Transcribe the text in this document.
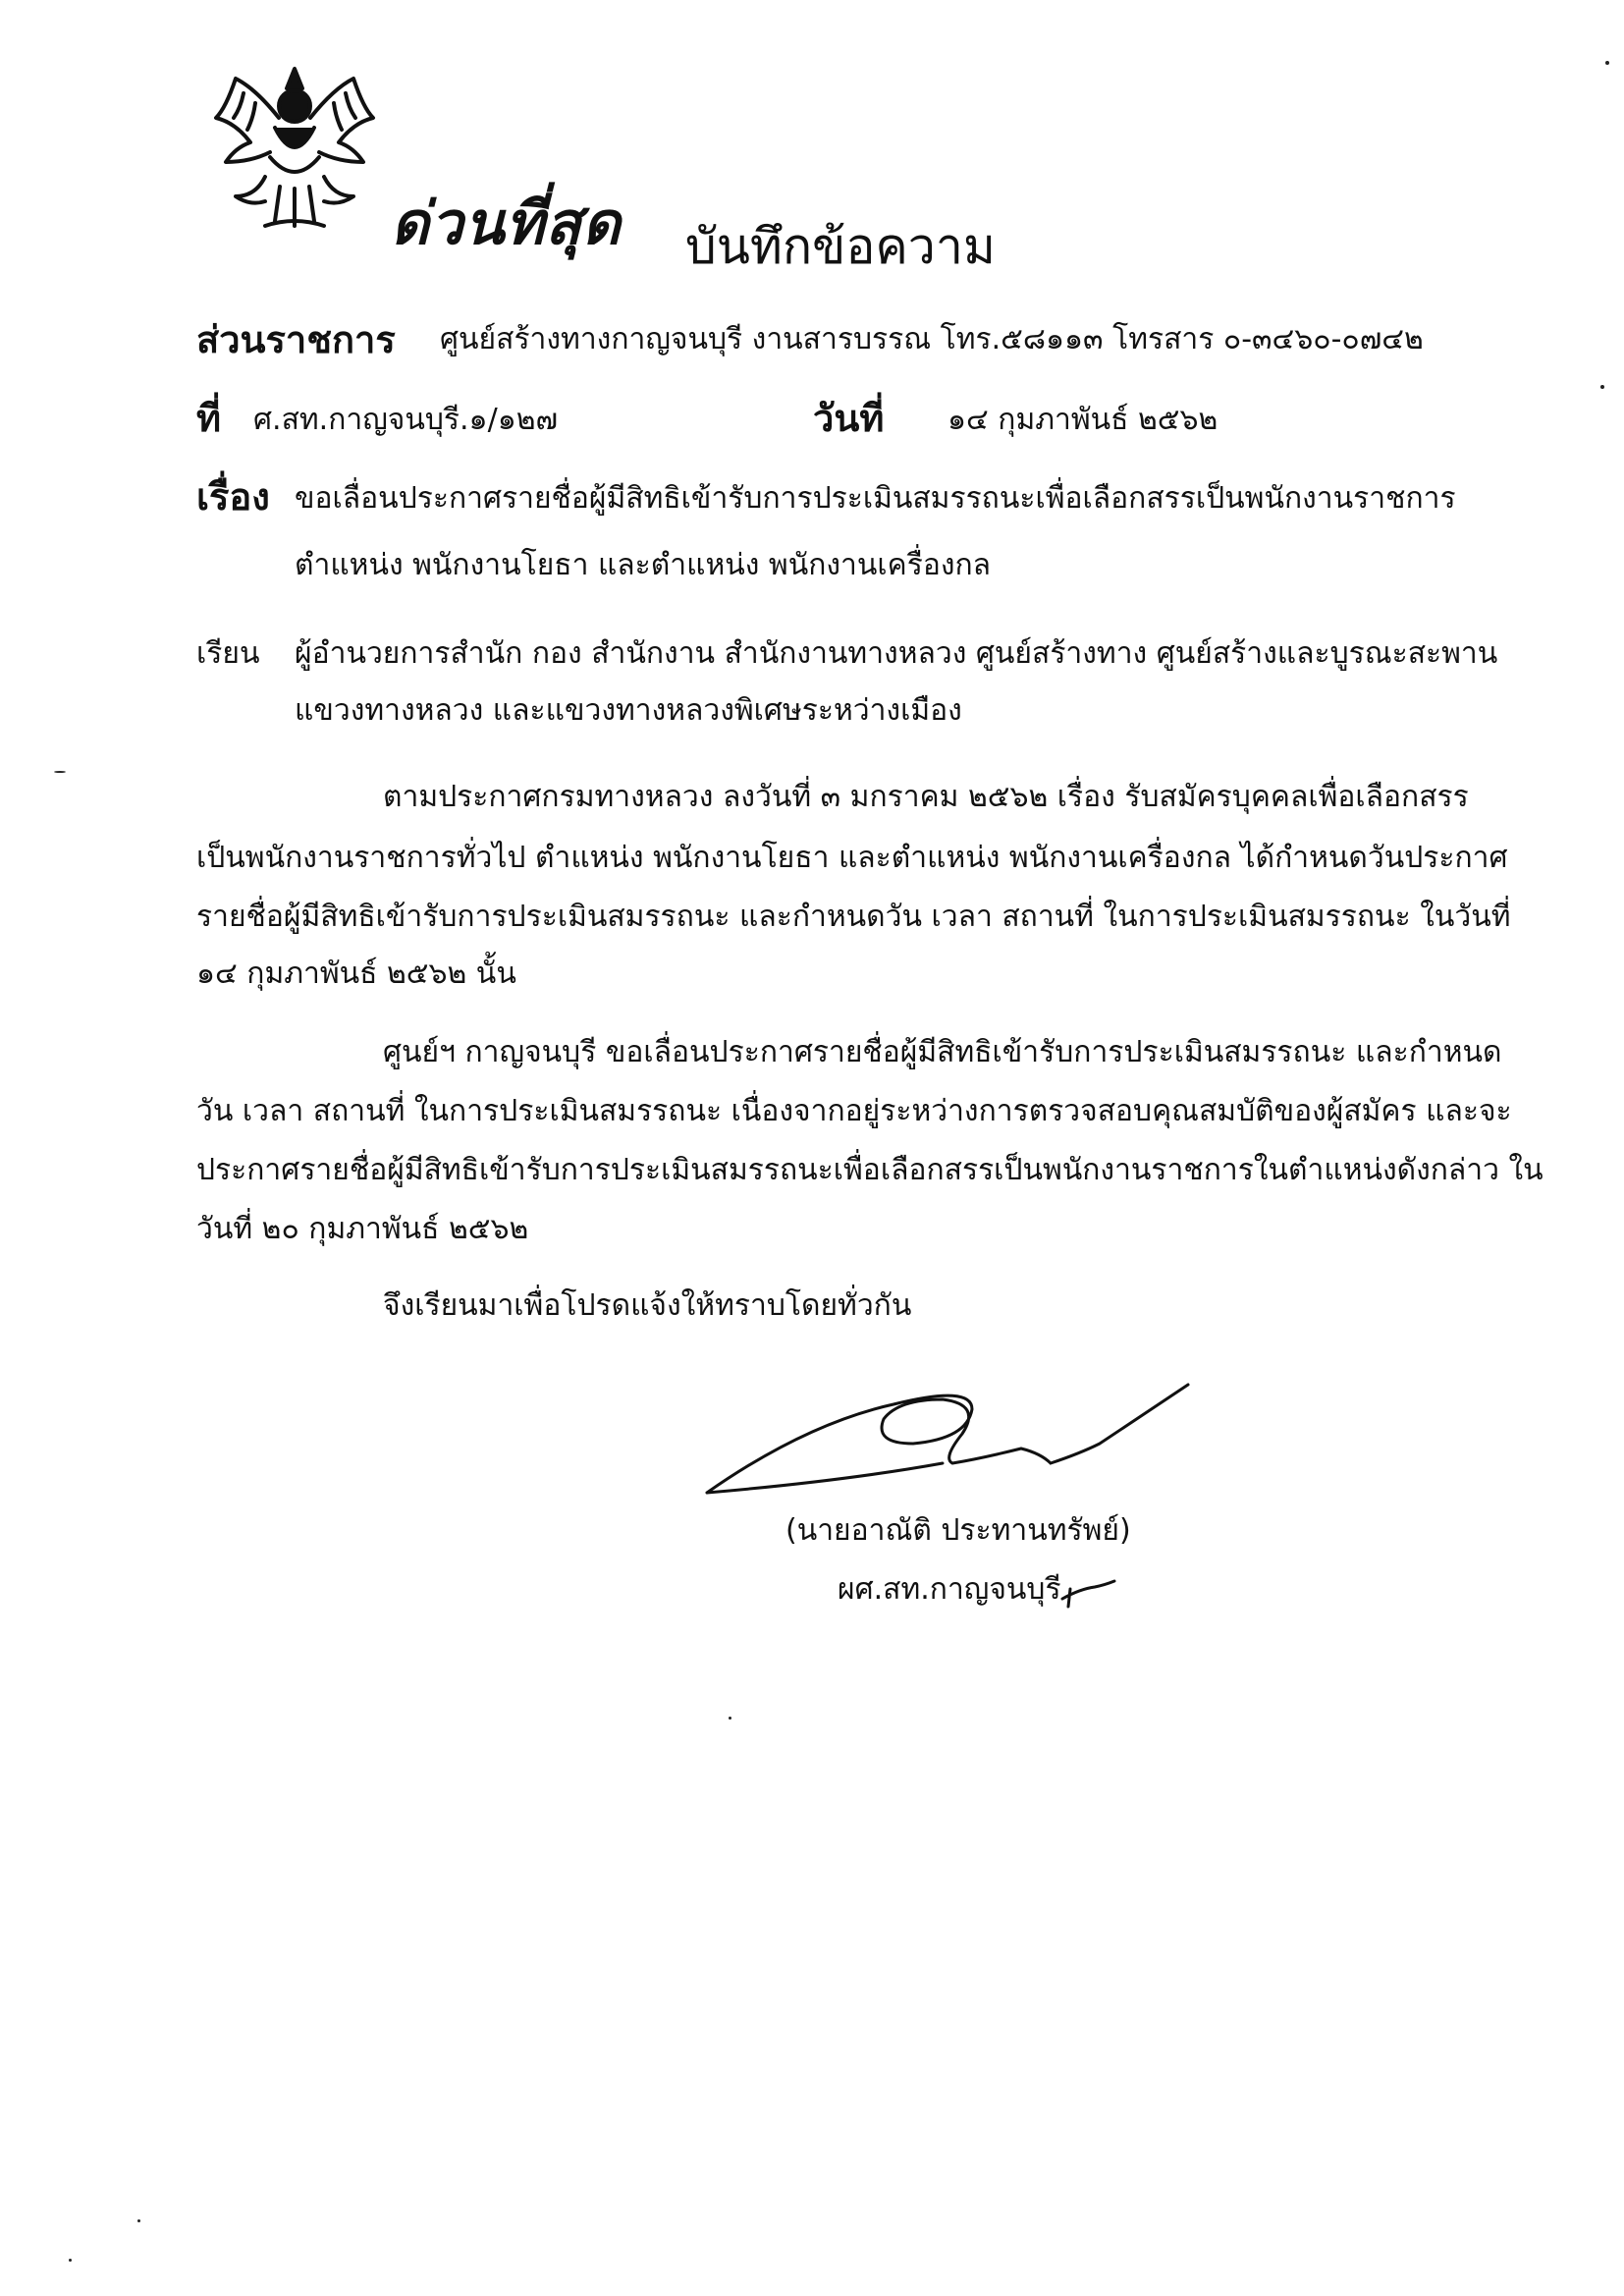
ด่วนที่สุด บันทึกข้อความ
ส่วนราชการ ศูนย์สร้างทางกาญจนบุรี งานสารบรรณ โทร.๕๘๑๑๓ โทรสาร ๐-๓๔๖๐-๐๗๔๒
ที่ ศ.สท.กาญจนบุรี.๑/๑๒๗	วันที่ ๑๔ กุมภาพันธ์ ๒๕๖๒
เรื่อง ขอเลื่อนประกาศรายชื่อผู้มีสิทธิเข้ารับการประเมินสมรรถนะเพื่อเลือกสรรเป็นพนักงานราชการ
ตำแหน่ง พนักงานโยธา และตำแหน่ง พนักงานเครื่องกล
เรียน ผู้อำนวยการสำนัก กอง สำนักงาน สำนักงานทางหลวง ศูนย์สร้างทาง ศูนย์สร้างและบูรณะสะพาน
แขวงทางหลวง และแขวงทางหลวงพิเศษระหว่างเมือง
ตามประกาศกรมทางหลวง ลงวันที่ ๓ มกราคม ๒๕๖๒ เรื่อง รับสมัครบุคคลเพื่อเลือกสรร
เป็นพนักงานราชการทั่วไป ตำแหน่ง พนักงานโยธา และตำแหน่ง พนักงานเครื่องกล ได้กำหนดวันประกาศ
รายชื่อผู้มีสิทธิเข้ารับการประเมินสมรรถนะ และกำหนดวัน เวลา สถานที่ ในการประเมินสมรรถนะ ในวันที่
๑๔ กุมภาพันธ์ ๒๕๖๒ นั้น
ศูนย์ฯ กาญจนบุรี ขอเลื่อนประกาศรายชื่อผู้มีสิทธิเข้ารับการประเมินสมรรถนะ และกำหนด
วัน เวลา สถานที่ ในการประเมินสมรรถนะ เนื่องจากอยู่ระหว่างการตรวจสอบคุณสมบัติของผู้สมัคร และจะ
ประกาศรายชื่อผู้มีสิทธิเข้ารับการประเมินสมรรถนะเพื่อเลือกสรรเป็นพนักงานราชการในตำแหน่งดังกล่าว ใน
วันที่ ๒๐ กุมภาพันธ์ ๒๕๖๒
จึงเรียนมาเพื่อโปรดแจ้งให้ทราบโดยทั่วกัน
(นายอาณัติ ประทานทรัพย์)
ผศ.สท.กาญจนบุรี
